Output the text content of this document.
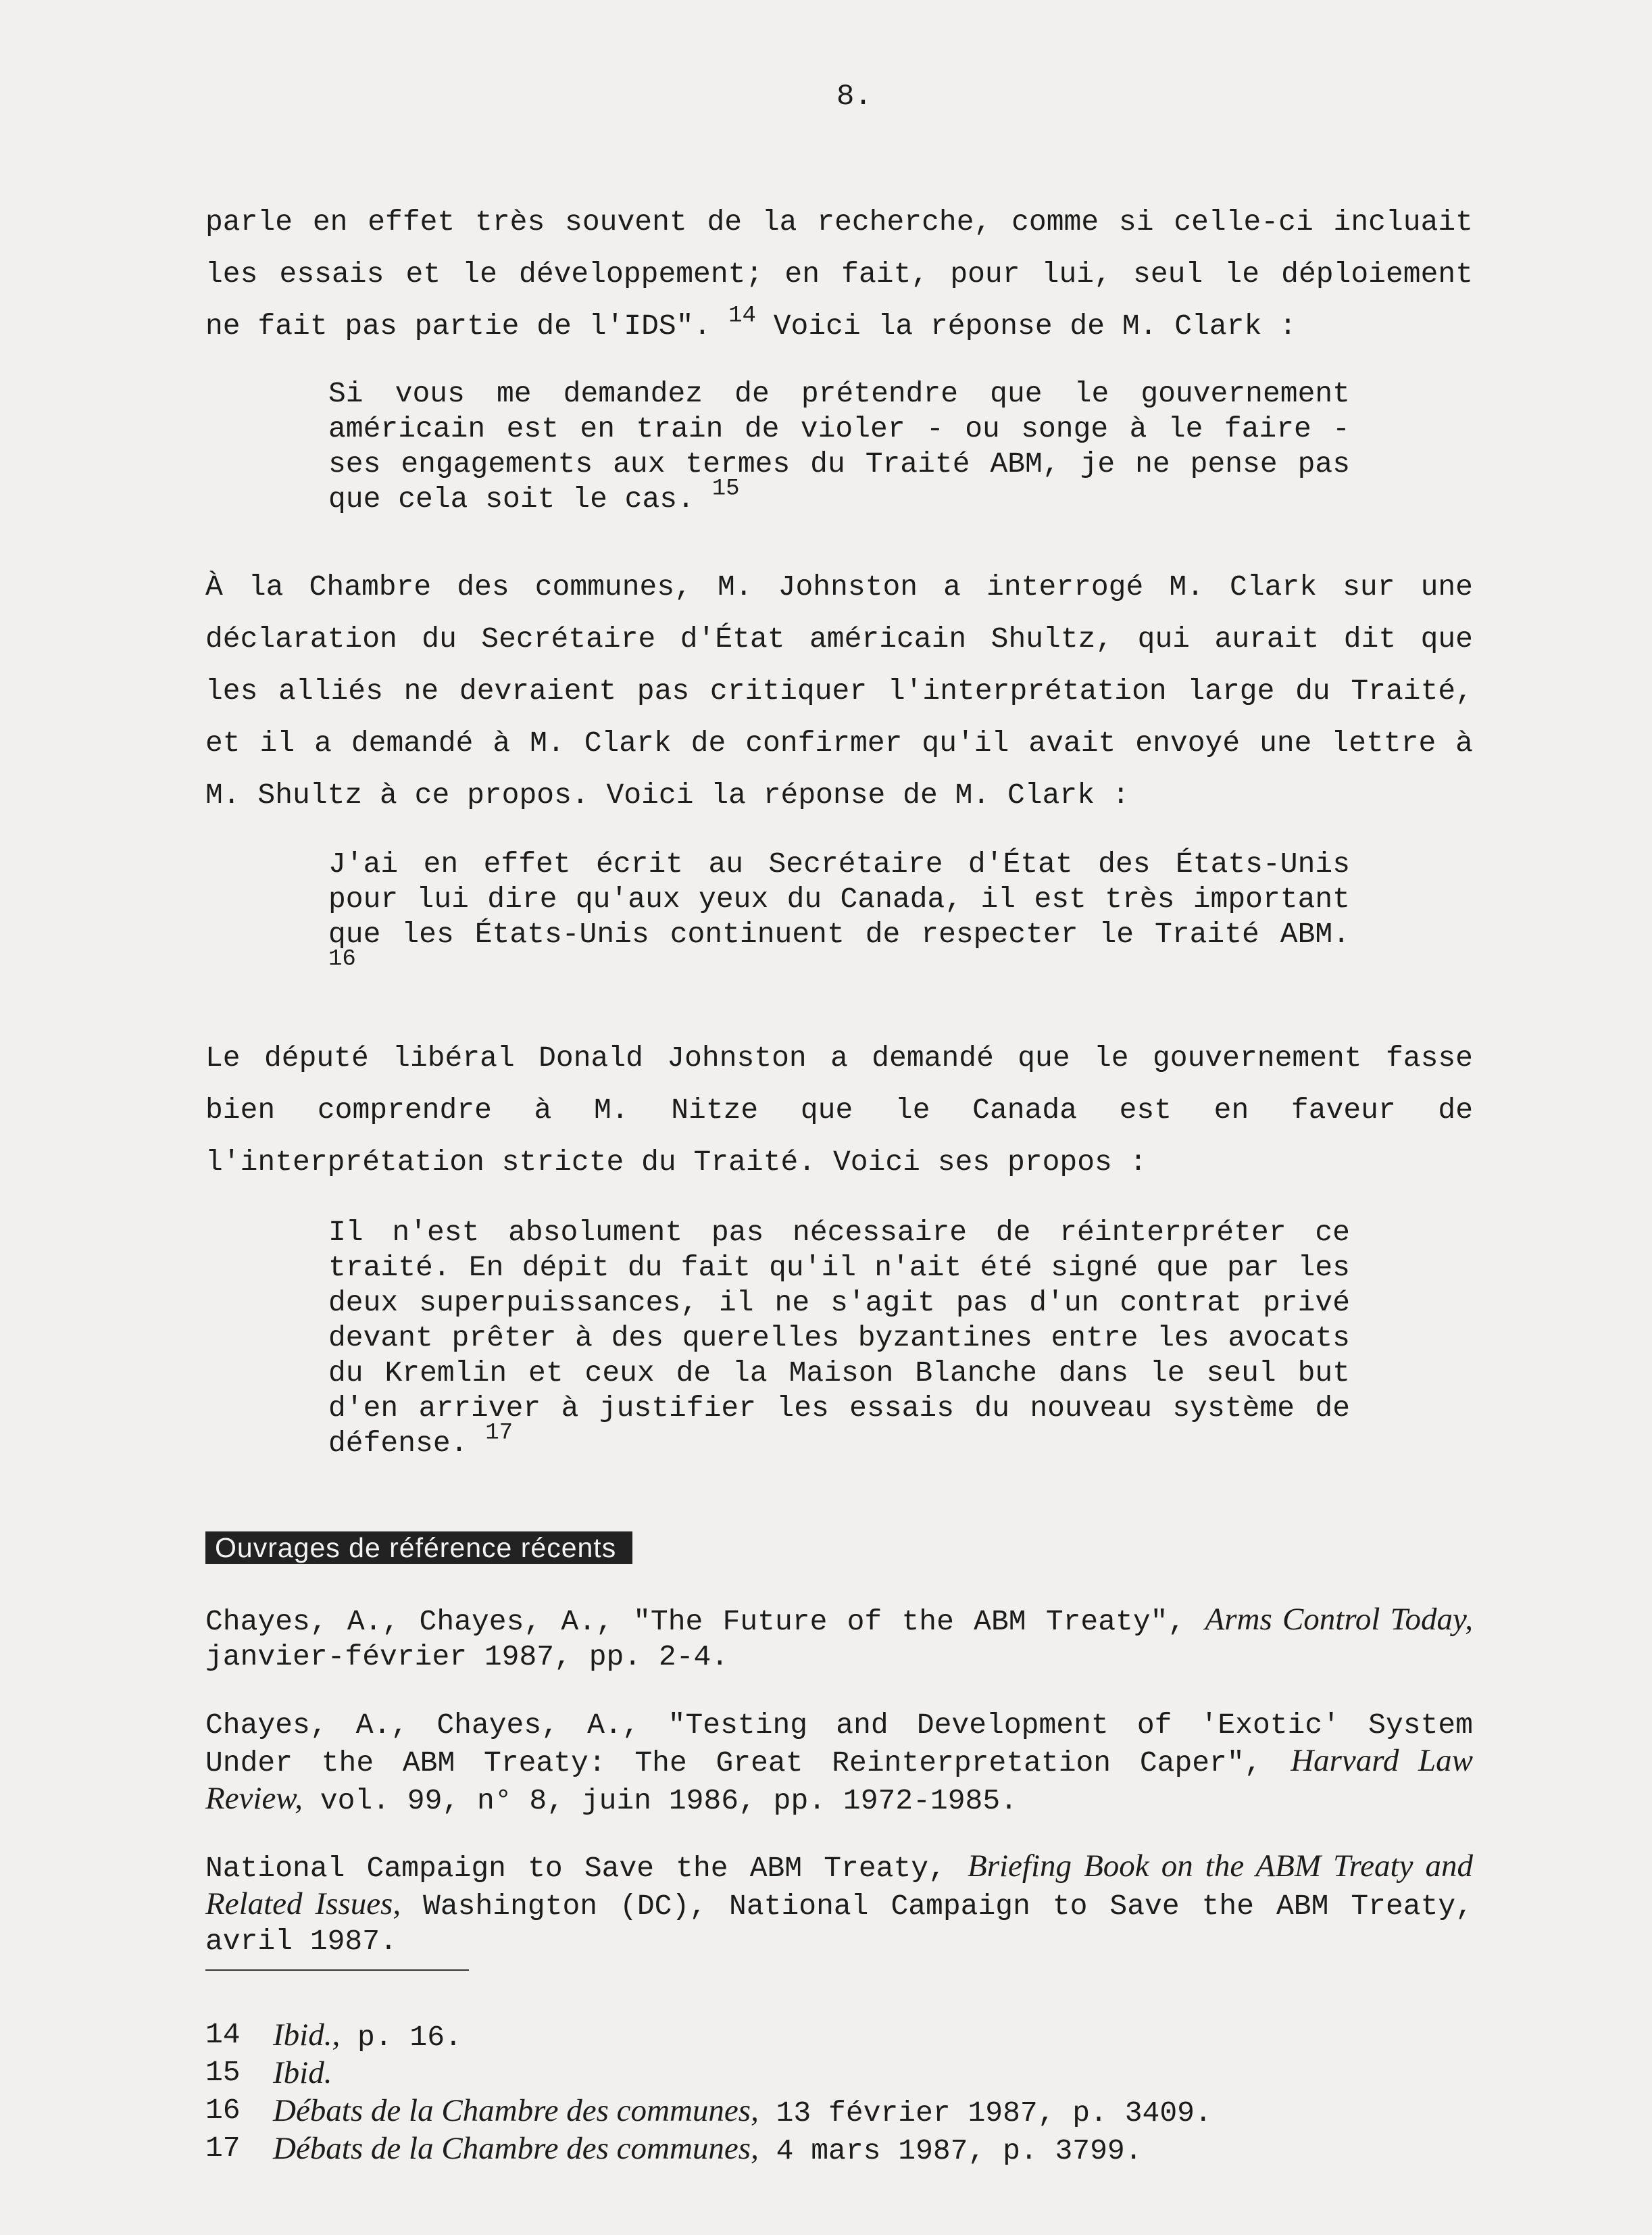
8.

parle en effet très souvent de la recherche, comme si celle-ci incluait les essais et le développement; en fait, pour lui, seul le déploiement ne fait pas partie de l'IDS". $^{14}$ Voici la réponse de M. Clark :

Si vous me demandez de prétendre que le gouvernement américain est en train de violer - ou songe à le faire - ses engagements aux termes du Traité ABM, je ne pense pas que cela soit le cas. $^{15}$

À la Chambre des communes, M. Johnston a interrogé M. Clark sur une déclaration du Secrétaire d'État américain Shultz, qui aurait dit que les alliés ne devraient pas critiquer l'interprétation large du Traité, et il a demandé à M. Clark de confirmer qu'il avait envoyé une lettre à M. Shultz à ce propos. Voici la réponse de M. Clark :

J'ai en effet écrit au Secrétaire d'État des États-Unis pour lui dire qu'aux yeux du Canada, il est très important que les États-Unis continuent de respecter le Traité ABM. $^{16}$

Le député libéral Donald Johnston a demandé que le gouvernement fasse bien comprendre à M. Nitze que le Canada est en faveur de l'interprétation stricte du Traité. Voici ses propos :

Il n'est absolument pas nécessaire de réinterpréter ce traité. En dépit du fait qu'il n'ait été signé que par les deux superpuissances, il ne s'agit pas d'un contrat privé devant prêter à des querelles byzantines entre les avocats du Kremlin et ceux de la Maison Blanche dans le seul but d'en arriver à justifier les essais du nouveau système de défense. $^{17}$

Ouvrages de référence récents

Chayes, A., Chayes, A., "The Future of the ABM Treaty", Arms Control Today, janvier-février 1987, pp. 2-4.

Chayes, A., Chayes, A., "Testing and Development of 'Exotic' System Under the ABM Treaty: The Great Reinterpretation Caper", Harvard Law Review, vol. 99, n° 8, juin 1986, pp. 1972-1985.

National Campaign to Save the ABM Treaty, Briefing Book on the ABM Treaty and Related Issues, Washington (DC), National Campaign to Save the ABM Treaty, avril 1987.

14	Ibid., p. 16.
15	Ibid.
16	Débats de la Chambre des communes, 13 février 1987, p. 3409.
17	Débats de la Chambre des communes, 4 mars 1987, p. 3799.
